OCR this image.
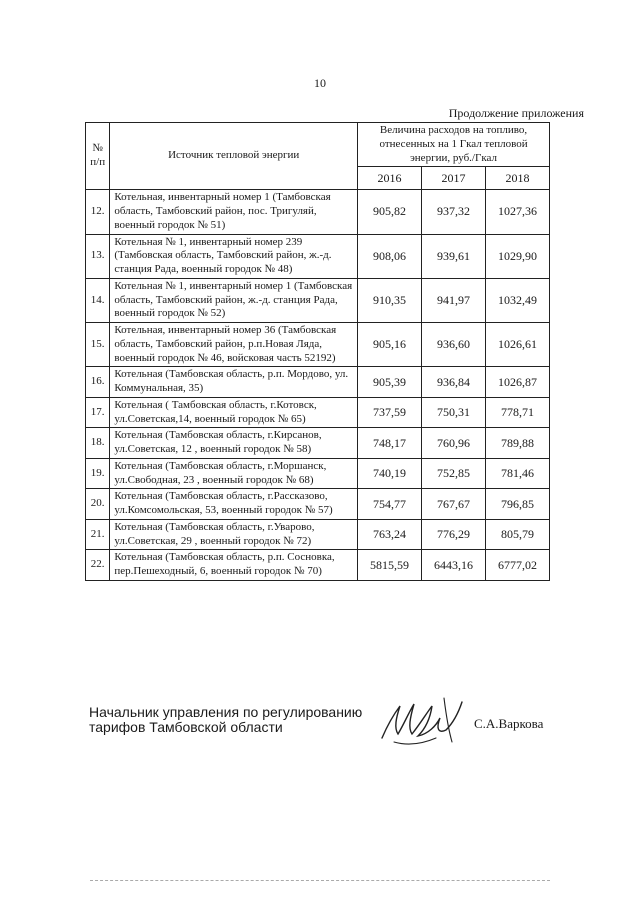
10
Продолжение приложения
№ п/п	Источник тепловой энергии	Величина расходов на топливо, отнесенных на 1 Гкал тепловой энергии, руб./Гкал		
		2016	2017	2018
12.	Котельная, инвентарный номер 1 (Тамбовская область, Тамбовский район, пос. Тригуляй, военный городок № 51)	905,82	937,32	1027,36
13.	Котельная № 1, инвентарный номер 239 (Тамбовская область, Тамбовский район, ж.-д. станция Рада, военный городок № 48)	908,06	939,61	1029,90
14.	Котельная № 1, инвентарный номер 1 (Тамбовская область, Тамбовский район, ж.-д. станция Рада, военный городок № 52)	910,35	941,97	1032,49
15.	Котельная, инвентарный номер 36 (Тамбовская область, Тамбовский район, р.п.Новая Ляда, военный городок № 46, войсковая часть 52192)	905,16	936,60	1026,61
16.	Котельная (Тамбовская область, р.п. Мордово, ул. Коммунальная, 35)	905,39	936,84	1026,87
17.	Котельная ( Тамбовская область, г.Котовск, ул.Советская,14, военный городок № 65)	737,59	750,31	778,71
18.	Котельная (Тамбовская область, г.Кирсанов, ул.Советская, 12 , военный городок № 58)	748,17	760,96	789,88
19.	Котельная (Тамбовская область, г.Моршанск, ул.Свободная, 23 , военный городок № 68)	740,19	752,85	781,46
20.	Котельная (Тамбовская область, г.Рассказово, ул.Комсомольская, 53, военный городок № 57)	754,77	767,67	796,85
21.	Котельная (Тамбовская область, г.Уварово, ул.Советская, 29 , военный городок № 72)	763,24	776,29	805,79
22.	Котельная (Тамбовская область, р.п. Сосновка, пер.Пешеходный, 6, военный городок № 70)	5815,59	6443,16	6777,02
Начальник управления по регулированию
тарифов Тамбовской области	С.А.Варкова
